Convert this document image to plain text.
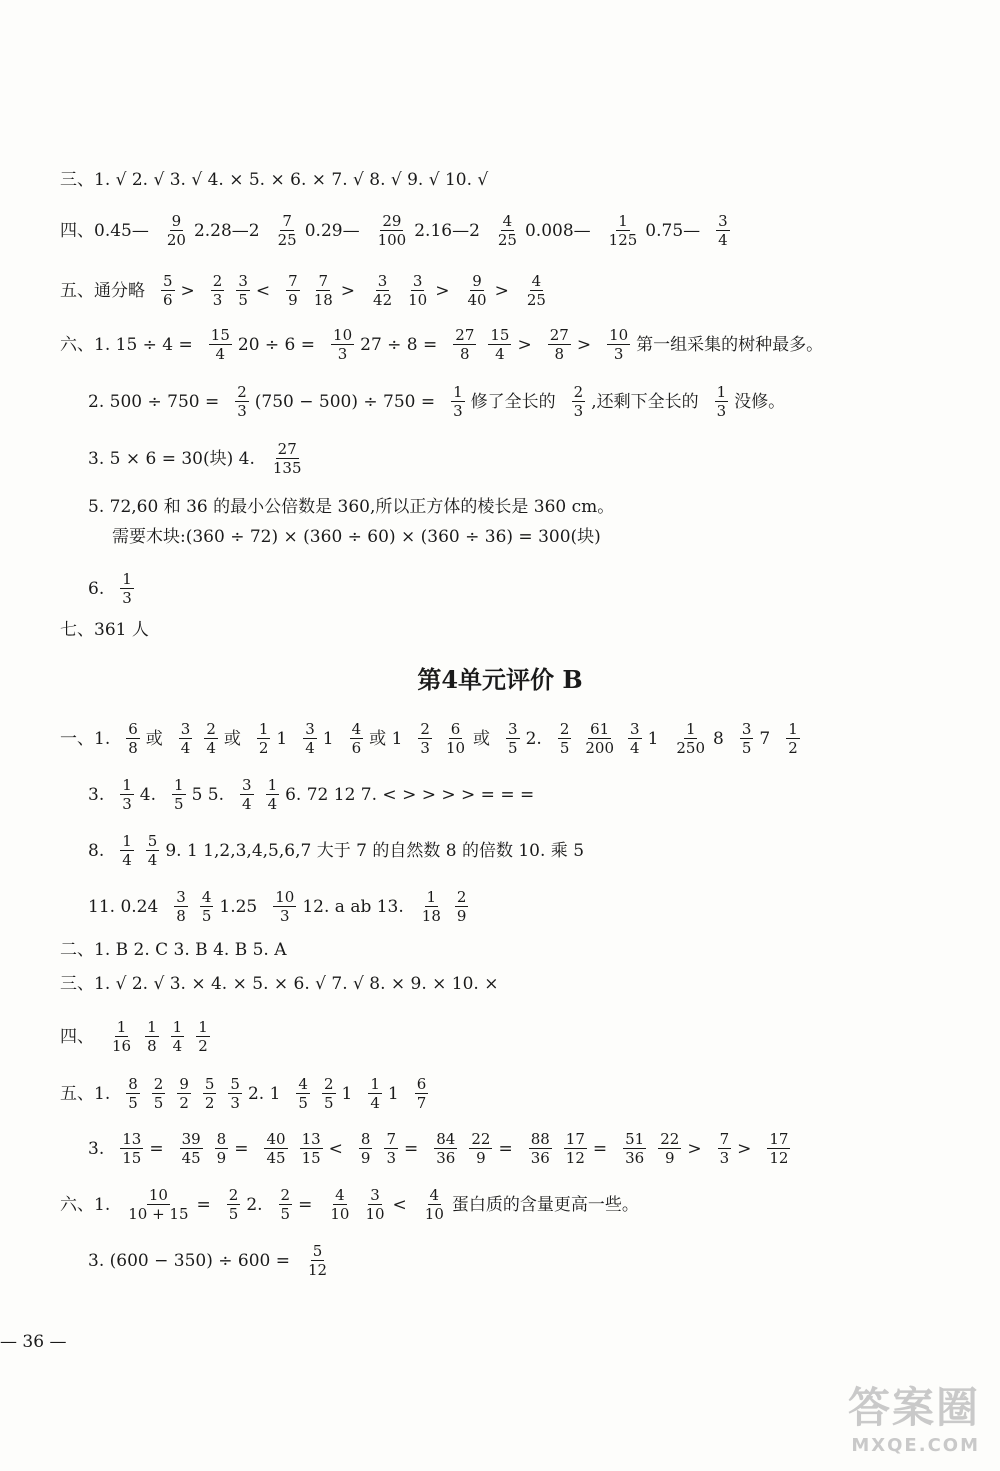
三、1. √ 2. √ 3. √ 4. × 5. × 6. × 7. √ 8. √ 9. √ 10. √
四、0.45— $\frac{9}{20}$ 2.28—2 $\frac{7}{25}$ 0.29— $\frac{29}{100}$ 2.16—2 $\frac{4}{25}$ 0.008— $\frac{1}{125}$ 0.75— $\frac{3}{4}$
五、通分略 $\frac{5}{6} > \frac{2}{3} \frac{3}{5} < \frac{7}{9} \frac{7}{18} > \frac{3}{42} \frac{3}{10} > \frac{9}{40} > \frac{4}{25}$
六、1. $15 \div 4 = \frac{15}{4} 20 \div 6 = \frac{10}{3} 27 \div 8 = \frac{27}{8} \frac{15}{4} > \frac{27}{8} > \frac{10}{3}$ 第一组采集的树种最多。
2. $500 \div 750 = \frac{2}{3} (750 - 500) \div 750 = \frac{1}{3}$ 修了全长的 $\frac{2}{3}$ ,还剩下全长的 $\frac{1}{3}$ 没修。
3. 5 × 6 = 30(块) 4. $\frac{27}{135}$
5. 72,60 和 36 的最小公倍数是 360,所以正方体的棱长是 360 cm。
需要木块:(360 ÷ 72) × (360 ÷ 60) × (360 ÷ 36) = 300(块)
6. $\frac{1}{3}$
七、361 人
一、1. $\frac{6}{8}$ 或 $\frac{3}{4} \frac{2}{4}$ 或 $\frac{1}{2} 1 \frac{3}{4} 1 \frac{4}{6}$ 或 $1 \frac{2}{3} \frac{6}{10}$ 或 $\frac{3}{5} 2$. $\frac{2}{5} \frac{61}{200} \frac{3}{4} 1 \frac{1}{250} 8 \frac{3}{5} 7 \frac{1}{2}$
3. $\frac{1}{3} 4$. $\frac{1}{5} 5$ 5. $\frac{3}{4} \frac{1}{4} 6$. 72 12 7. < > > > > = = =
8. $\frac{1}{4} \frac{5}{4} 9$. 1 1,2,3,4,5,6,7 大于 7 的自然数 8 的倍数 10. 乘 5
11. $0.24 \frac{3}{8} \frac{4}{5} 1.25 \frac{10}{3} 12$. a ab 13. $\frac{1}{18} \frac{2}{9}$
二、1. B 2. C 3. B 4. B 5. A
三、1. √ 2. √ 3. × 4. × 5. × 6. √ 7. √ 8. × 9. × 10. ×
四、 $\frac{1}{16} \frac{1}{8} \frac{1}{4} \frac{1}{2}$
五、1. $\frac{8}{5} \frac{2}{5} \frac{9}{2} \frac{5}{2} \frac{5}{3} 2$. $1 \frac{4}{5} \frac{2}{5} 1 \frac{1}{4} 1 \frac{6}{7}$
3. $\frac{13}{15} = \frac{39}{45} \frac{8}{9} = \frac{40}{45} \frac{13}{15} < \frac{8}{9} \frac{7}{3} = \frac{84}{36} \frac{22}{9} = \frac{88}{36} \frac{17}{12} = \frac{51}{36} \frac{22}{9} > \frac{7}{3} > \frac{17}{12}$
六、1. $\frac{10}{10 + 15} = \frac{2}{5} 2$. $\frac{2}{5} = \frac{4}{10} \frac{3}{10} < \frac{4}{10}$ 蛋白质的含量更高一些。
3. $(600 - 350) \div 600 = \frac{5}{12}$
第4单元评价 B
— 36 —
答案圈
MXQE.COM
